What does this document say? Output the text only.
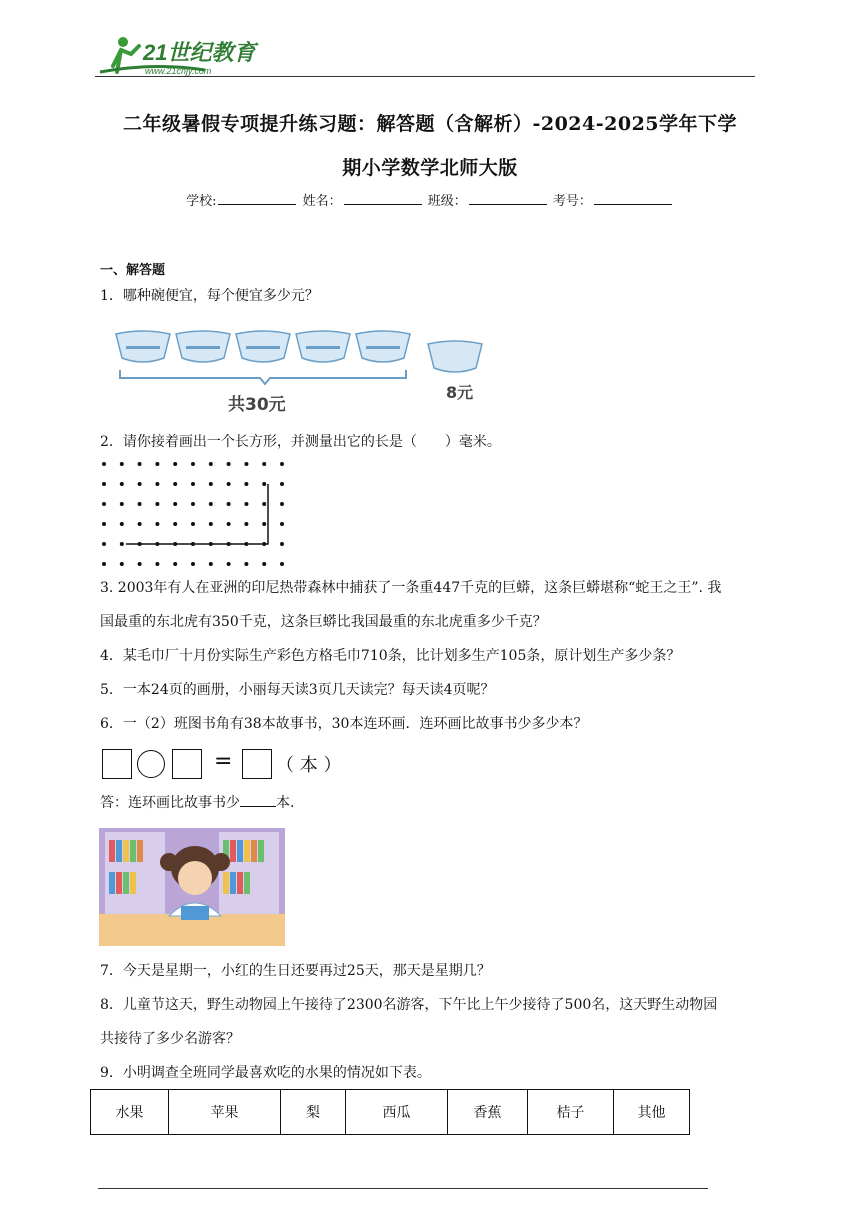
21世纪教育
www.21cnjy.com
二年级暑假专项提升练习题：解答题（含解析）-2024-2025学年下学
期小学数学北师大版
学校:	姓名：	班级：	考号：
一、解答题
1．哪种碗便宜，每个便宜多少元？
共30元
8元
2．请你接着画出一个长方形，并测量出它的长是（　　）毫米。
3. 2003年有人在亚洲的印尼热带森林中捕获了一条重447千克的巨蟒，这条巨蟒堪称“蛇王之王”. 我
国最重的东北虎有350千克，这条巨蟒比我国最重的东北虎重多少千克？
4．某毛巾厂十月份实际生产彩色方格毛巾710条，比计划多生产105条，原计划生产多少条？
5．一本24页的画册，小丽每天读3页几天读完？每天读4页呢？
6．一（2）班图书角有38本故事书，30本连环画．连环画比故事书少多少本？
= （ 本 ）
答：连环画比故事书少	本.
7．今天是星期一，小红的生日还要再过25天，那天是星期几？
8．儿童节这天，野生动物园上午接待了2300名游客，下午比上午少接待了500名，这天野生动物园
共接待了多少名游客？
9．小明调查全班同学最喜欢吃的水果的情况如下表。
水果	苹果	梨	西瓜	香蕉	桔子	其他
